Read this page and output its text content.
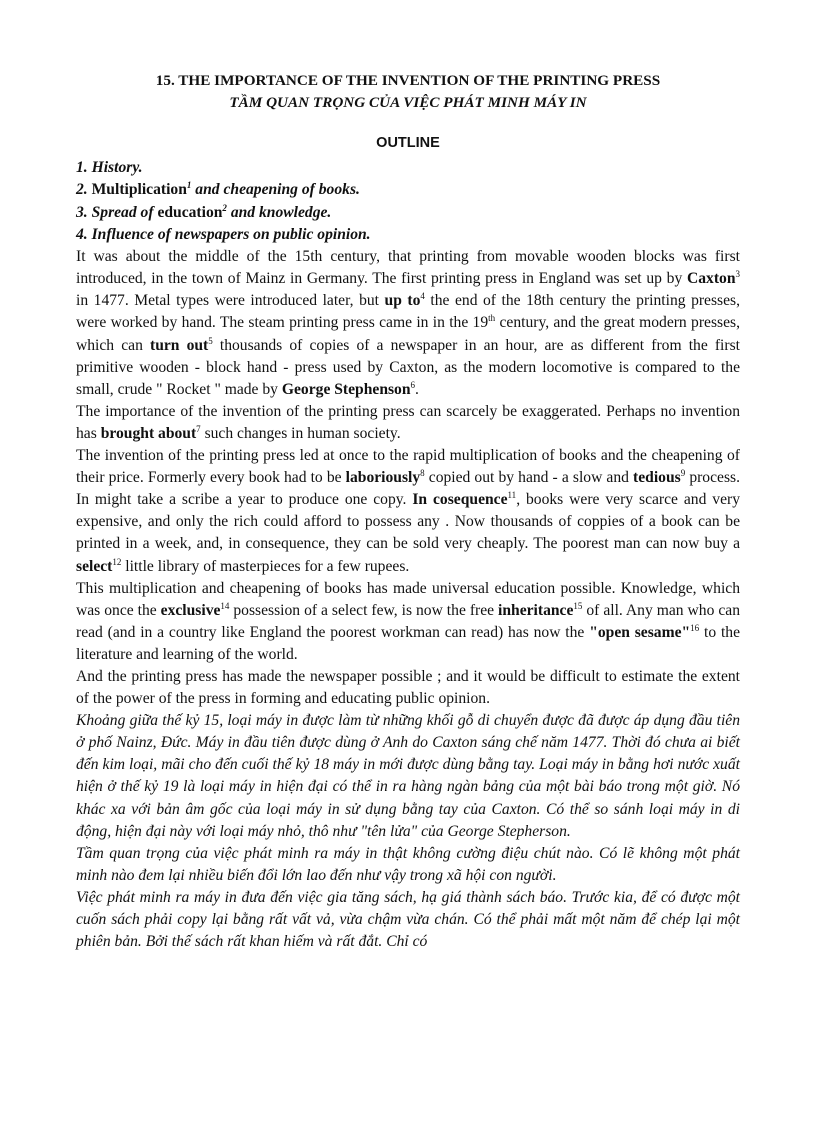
15. THE IMPORTANCE OF THE INVENTION OF THE PRINTING PRESS
TẦM QUAN TRỌNG CỦA VIỆC PHÁT MINH MÁY IN
OUTLINE
1. History.
2. Multiplication$^1$ and cheapening of books.
3. Spread of education$^2$ and knowledge.
4. Influence of newspapers on public opinion.

It was about the middle of the 15th century, that printing from movable wooden blocks was first introduced, in the town of Mainz in Germany. The first printing press in England was set up by Caxton$^3$ in 1477. Metal types were introduced later, but up $to^4$ the end of the 18th century the printing presses, were worked by hand. The steam printing press came in in the 19th century, and the great modern presses, which can turn out$^5$ thousands of copies of a newspaper in an hour, are as different from the first primitive wooden - block hand - press used by Caxton, as the modern locomotive is compared to the small, crude " Rocket " made by George Stephenson$^6$.

The importance of the invention of the printing press can scarcely be exaggerated. Perhaps no invention has brought about$^7$ such changes in human society.

The invention of the printing press led at once to the rapid multiplication of books and the cheapening of their price. Formerly every book had to be laboriously$^8$ copied out by hand - a slow and tedious$^9$ process. In might take a scribe a year to produce one copy. In cosequence$^{11}$, books were very scarce and very expensive, and only the rich could afford to possess any . Now thousands of coppies of a book can be printed in a week, and, in consequence, they can be sold very cheaply. The poorest man can now buy a select$^{12}$ little library of masterpieces for a few rupees.

This multiplication and cheapening of books has made universal education possible. Knowledge, which was once the exclusive$^{14}$ possession of a select few, is now the free inheritance$^{15}$ of all. Any man who can read (and in a country like England the poorest workman can read) has now the "open sesame"$^{16}$ to the literature and learning of the world.

And the printing press has made the newspaper possible ; and it would be difficult to estimate the extent of the power of the press in forming and educating public opinion.

Khoảng giữa thế kỷ 15, loại máy in được làm từ những khối gỗ di chuyển được đã được áp dụng đầu tiên ở phố Nainz, Đức. Máy in đầu tiên được dùng ở Anh do Caxton sáng chế năm 1477. Thời đó chưa ai biết đến kim loại, mãi cho đến cuối thế kỷ 18 máy in mới được dùng bằng tay. Loại máy in bằng hơi nước xuất hiện ở thế kỷ 19 là loại máy in hiện đại có thể in ra hàng ngàn bảng của một bài báo trong một giờ. Nó khác xa với bản âm gốc của loại máy in sử dụng bằng tay của Caxton. Có thể so sánh loại máy in di động, hiện đại này với loại máy nhỏ, thô như "tên lửa" của George Stepherson.

Tầm quan trọng của việc phát minh ra máy in thật không cường điệu chút nào. Có lẽ không một phát minh nào đem lại nhiều biến đổi lớn lao đến như vậy trong xã hội con người.

Việc phát minh ra máy in đưa đến việc gia tăng sách, hạ giá thành sách báo. Trước kia, để có được một cuốn sách phải copy lại bằng rất vất vả, vừa chậm vừa chán. Có thể phải mất một năm để chép lại một phiên bản. Bởi thế sách rất khan hiếm và rất đắt. Chỉ có
